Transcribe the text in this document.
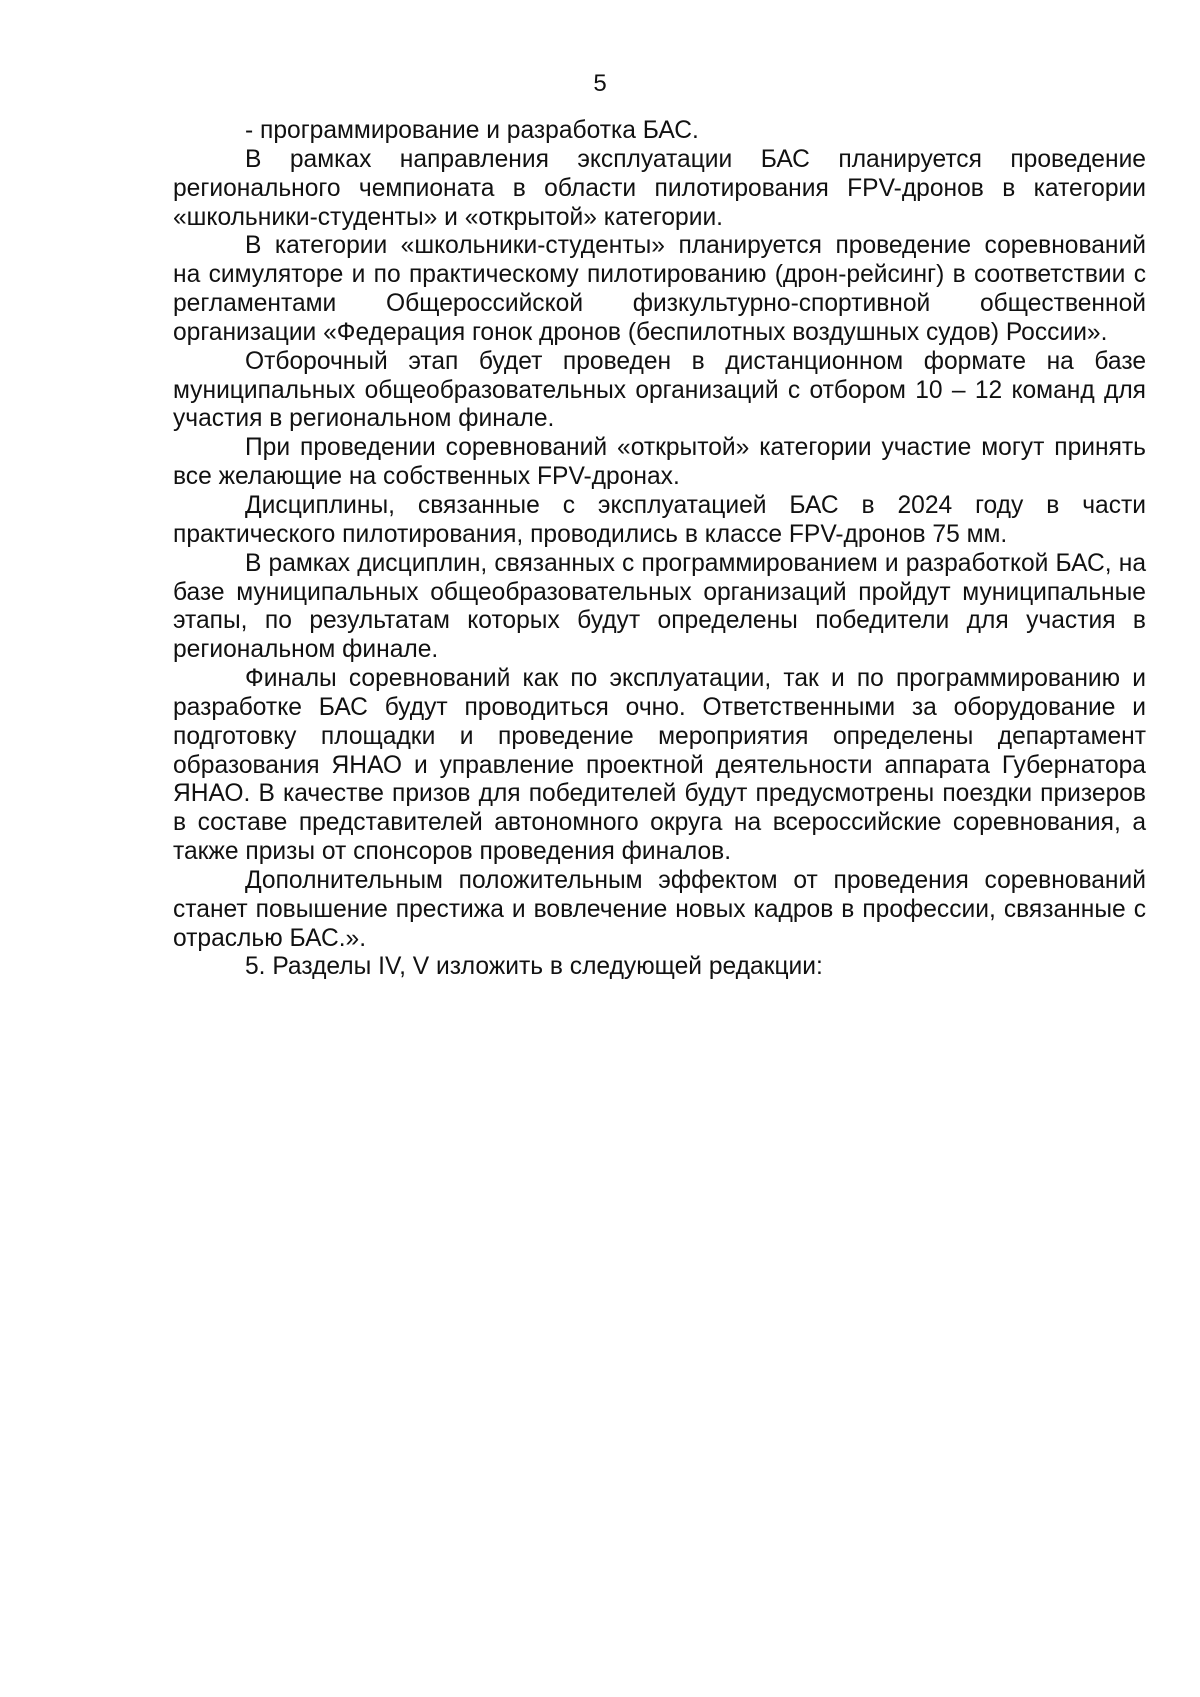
5

- программирование и разработка БАС.

В рамках направления эксплуатации БАС планируется проведение регионального чемпионата в области пилотирования FPV-дронов в категории «школьники-студенты» и «открытой» категории.

В категории «школьники-студенты» планируется проведение соревнований на симуляторе и по практическому пилотированию (дрон-рейсинг) в соответствии с регламентами Общероссийской физкультурно-спортивной общественной организации «Федерация гонок дронов (беспилотных воздушных судов) России».

Отборочный этап будет проведен в дистанционном формате на базе муниципальных общеобразовательных организаций с отбором 10 – 12 команд для участия в региональном финале.

При проведении соревнований «открытой» категории участие могут принять все желающие на собственных FPV-дронах.

Дисциплины, связанные с эксплуатацией БАС в 2024 году в части практического пилотирования, проводились в классе FPV-дронов 75 мм.

В рамках дисциплин, связанных с программированием и разработкой БАС, на базе муниципальных общеобразовательных организаций пройдут муниципальные этапы, по результатам которых будут определены победители для участия в региональном финале.

Финалы соревнований как по эксплуатации, так и по программированию и разработке БАС будут проводиться очно. Ответственными за оборудование и подготовку площадки и проведение мероприятия определены департамент образования ЯНАО и управление проектной деятельности аппарата Губернатора ЯНАО. В качестве призов для победителей будут предусмотрены поездки призеров в составе представителей автономного округа на всероссийские соревнования, а также призы от спонсоров проведения финалов.

Дополнительным положительным эффектом от проведения соревнований станет повышение престижа и вовлечение новых кадров в профессии, связанные с отраслью БАС.».

5. Разделы IV, V изложить в следующей редакции:
